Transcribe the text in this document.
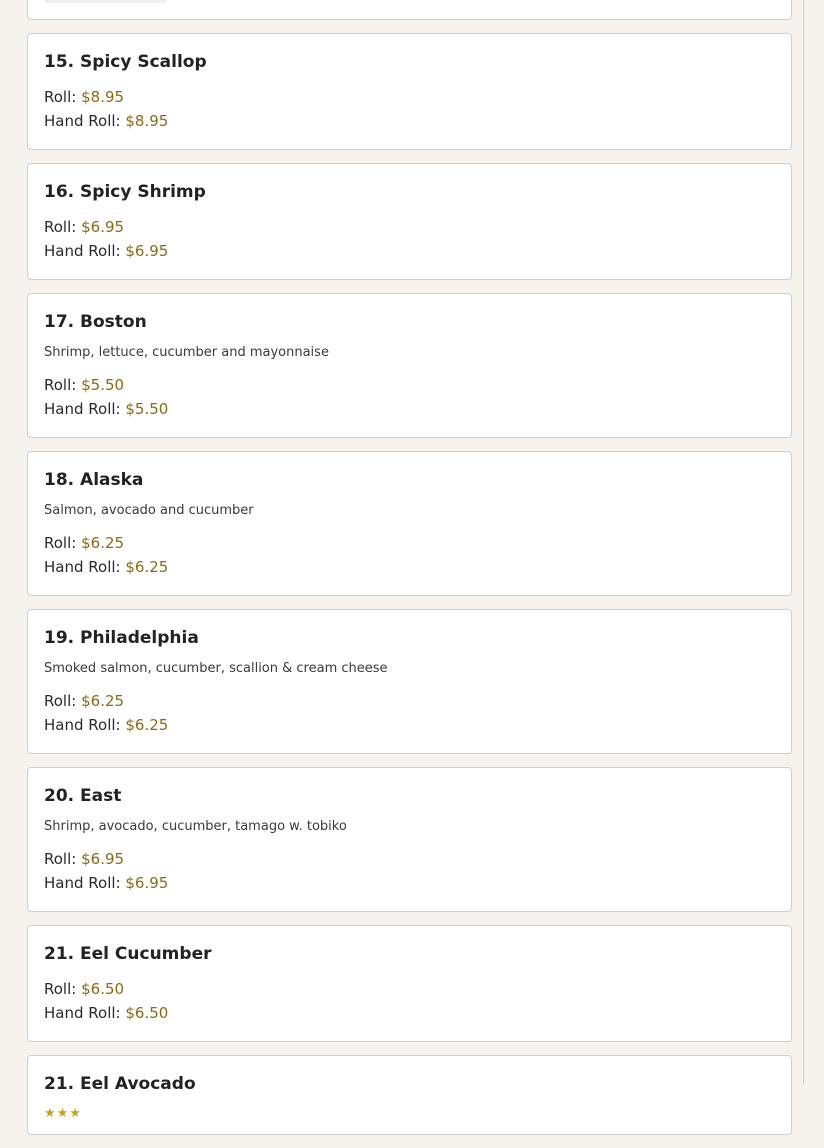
15. Spicy Scallop
Roll: $8.95
Hand Roll: $8.95
16. Spicy Shrimp
Roll: $6.95
Hand Roll: $6.95
17. Boston

Shrimp, lettuce, cucumber and mayonnaise

Roll: $5.50
Hand Roll: $5.50
18. Alaska

Salmon, avocado and cucumber

Roll: $6.25
Hand Roll: $6.25
19. Philadelphia

Smoked salmon, cucumber, scallion & cream cheese

Roll: $6.25
Hand Roll: $6.25
20. East

Shrimp, avocado, cucumber, tamago w. tobiko

Roll: $6.95
Hand Roll: $6.95
21. Eel Cucumber
Roll: $6.50
Hand Roll: $6.50
21. Eel Avocado
★★★
